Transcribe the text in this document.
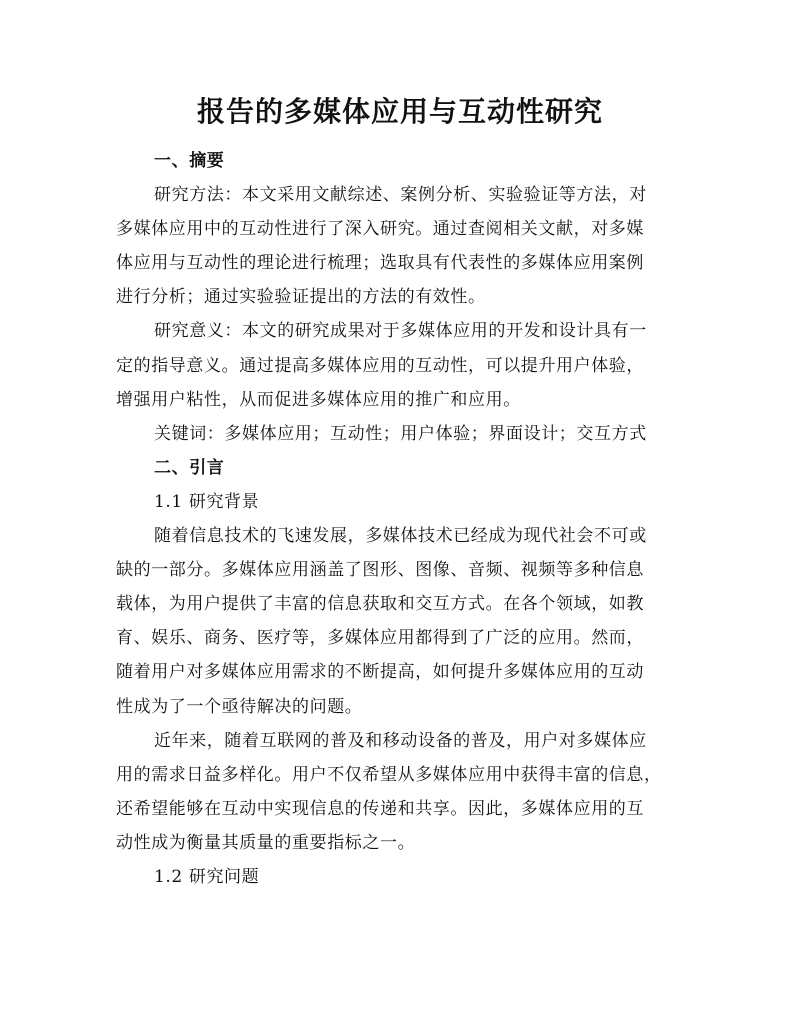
报告的多媒体应用与互动性研究
一、摘要
研究方法：本文采用文献综述、案例分析、实验验证等方法，对
多媒体应用中的互动性进行了深入研究。通过查阅相关文献，对多媒
体应用与互动性的理论进行梳理；选取具有代表性的多媒体应用案例
进行分析；通过实验验证提出的方法的有效性。
研究意义：本文的研究成果对于多媒体应用的开发和设计具有一
定的指导意义。通过提高多媒体应用的互动性，可以提升用户体验，
增强用户粘性，从而促进多媒体应用的推广和应用。
关键词：多媒体应用；互动性；用户体验；界面设计；交互方式
二、引言
1.1 研究背景
随着信息技术的飞速发展，多媒体技术已经成为现代社会不可或
缺的一部分。多媒体应用涵盖了图形、图像、音频、视频等多种信息
载体，为用户提供了丰富的信息获取和交互方式。在各个领域，如教
育、娱乐、商务、医疗等，多媒体应用都得到了广泛的应用。然而，
随着用户对多媒体应用需求的不断提高，如何提升多媒体应用的互动
性成为了一个亟待解决的问题。
近年来，随着互联网的普及和移动设备的普及，用户对多媒体应
用的需求日益多样化。用户不仅希望从多媒体应用中获得丰富的信息，
还希望能够在互动中实现信息的传递和共享。因此，多媒体应用的互
动性成为衡量其质量的重要指标之一。
1.2 研究问题
